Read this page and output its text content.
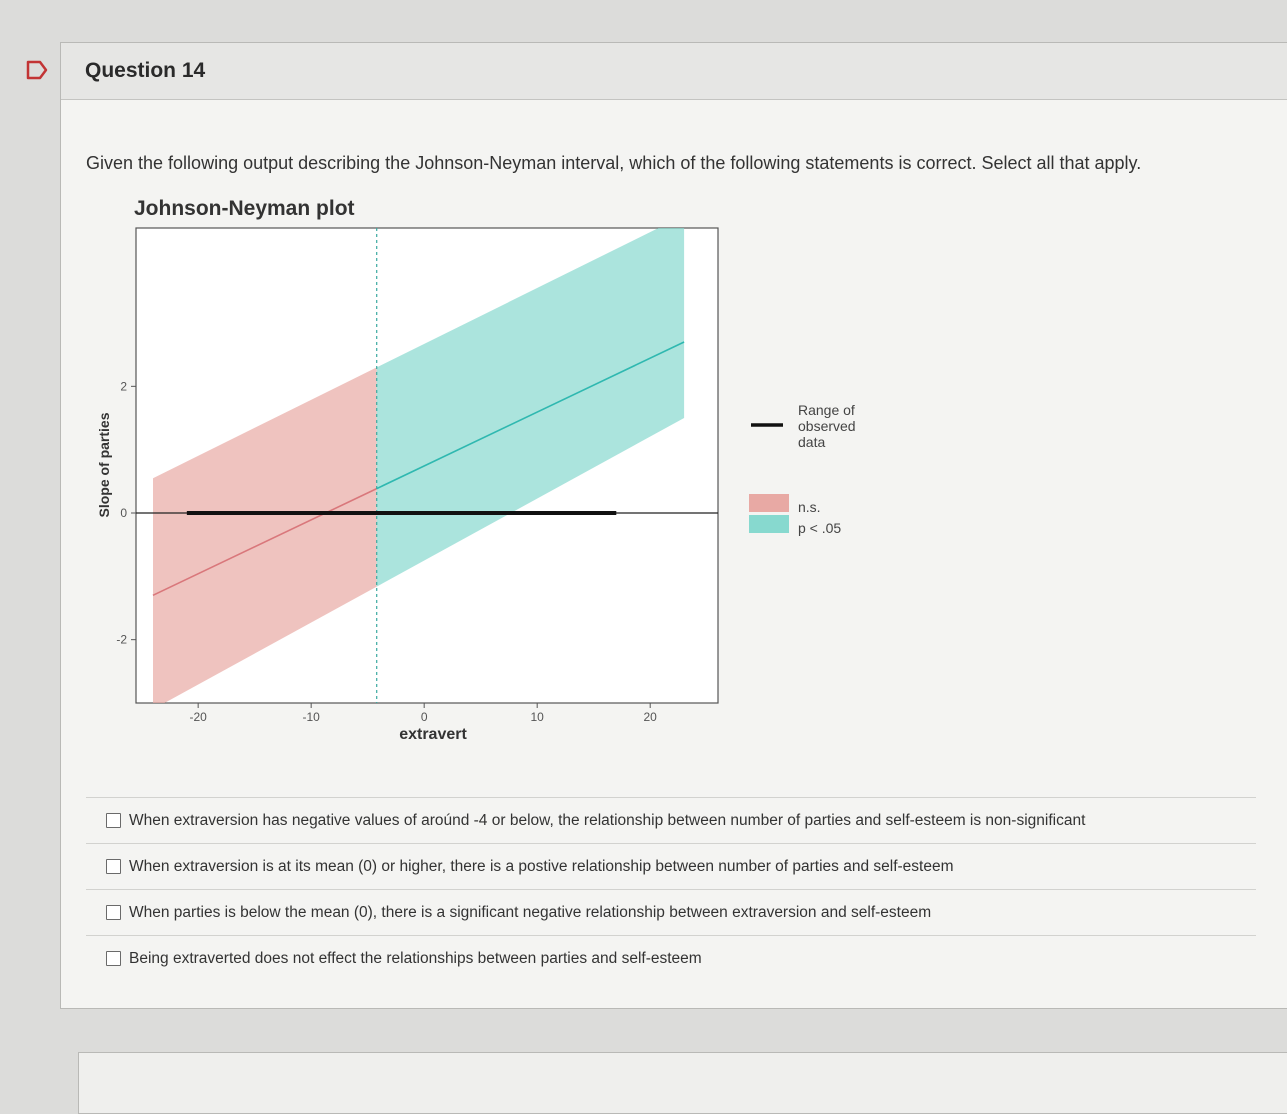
Question 14
Given the following output describing the Johnson-Neyman interval, which of the following statements is correct. Select all that apply.
Johnson-Neyman plot
-20	-10	0	10	20
2
0
-2
Slope of parties
extravert
Range of observed data
n.s.
p < .05
When extraversion has negative values of aroúnd -4 or below, the relationship between number of parties and self-esteem is non-significant
When extraversion is at its mean (0) or higher, there is a postive relationship between number of parties and self-esteem
When parties is below the mean (0), there is a significant negative relationship between extraversion and self-esteem
Being extraverted does not effect the relationships between parties and self-esteem
